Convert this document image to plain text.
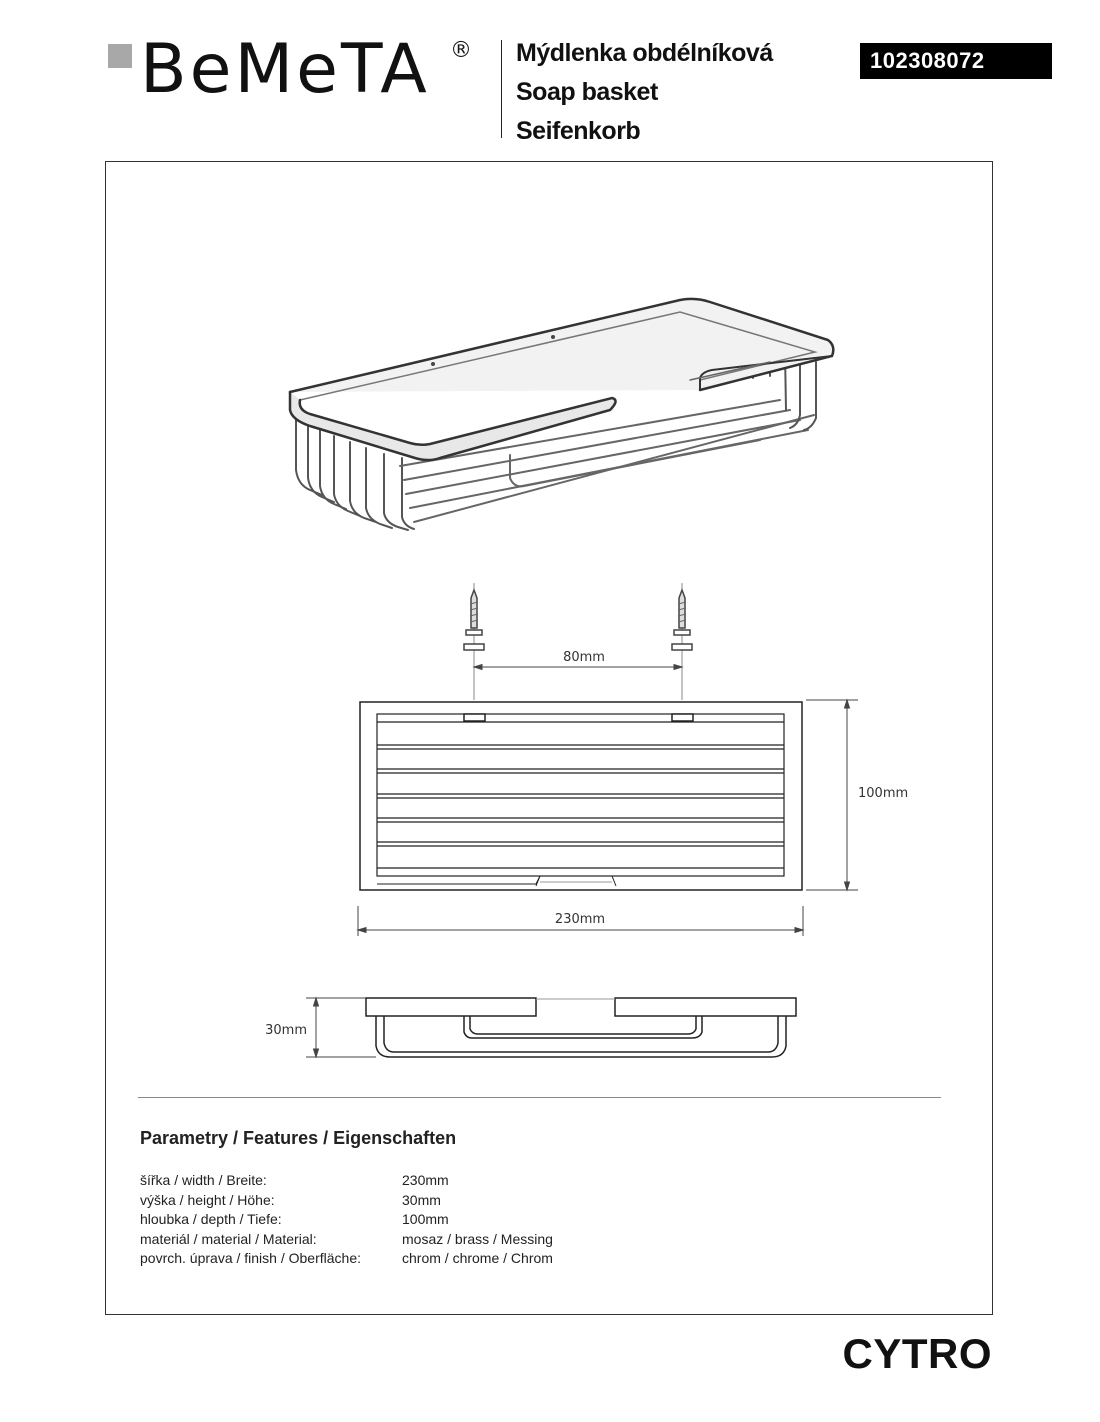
BeMeTA ® Mýdlenka obdélníková
Soap basket
Seifenkorb
102308072
80mm
100mm
230mm
30mm
Parametry / Features / Eigenschaften
šířka / width / Breite:	230mm
výška / height / Höhe:	30mm
hloubka / depth / Tiefe:	100mm
materiál / material / Material:	mosaz / brass / Messing
povrch. úprava / finish / Oberfläche:	chrom / chrome / Chrom
CYTRO
